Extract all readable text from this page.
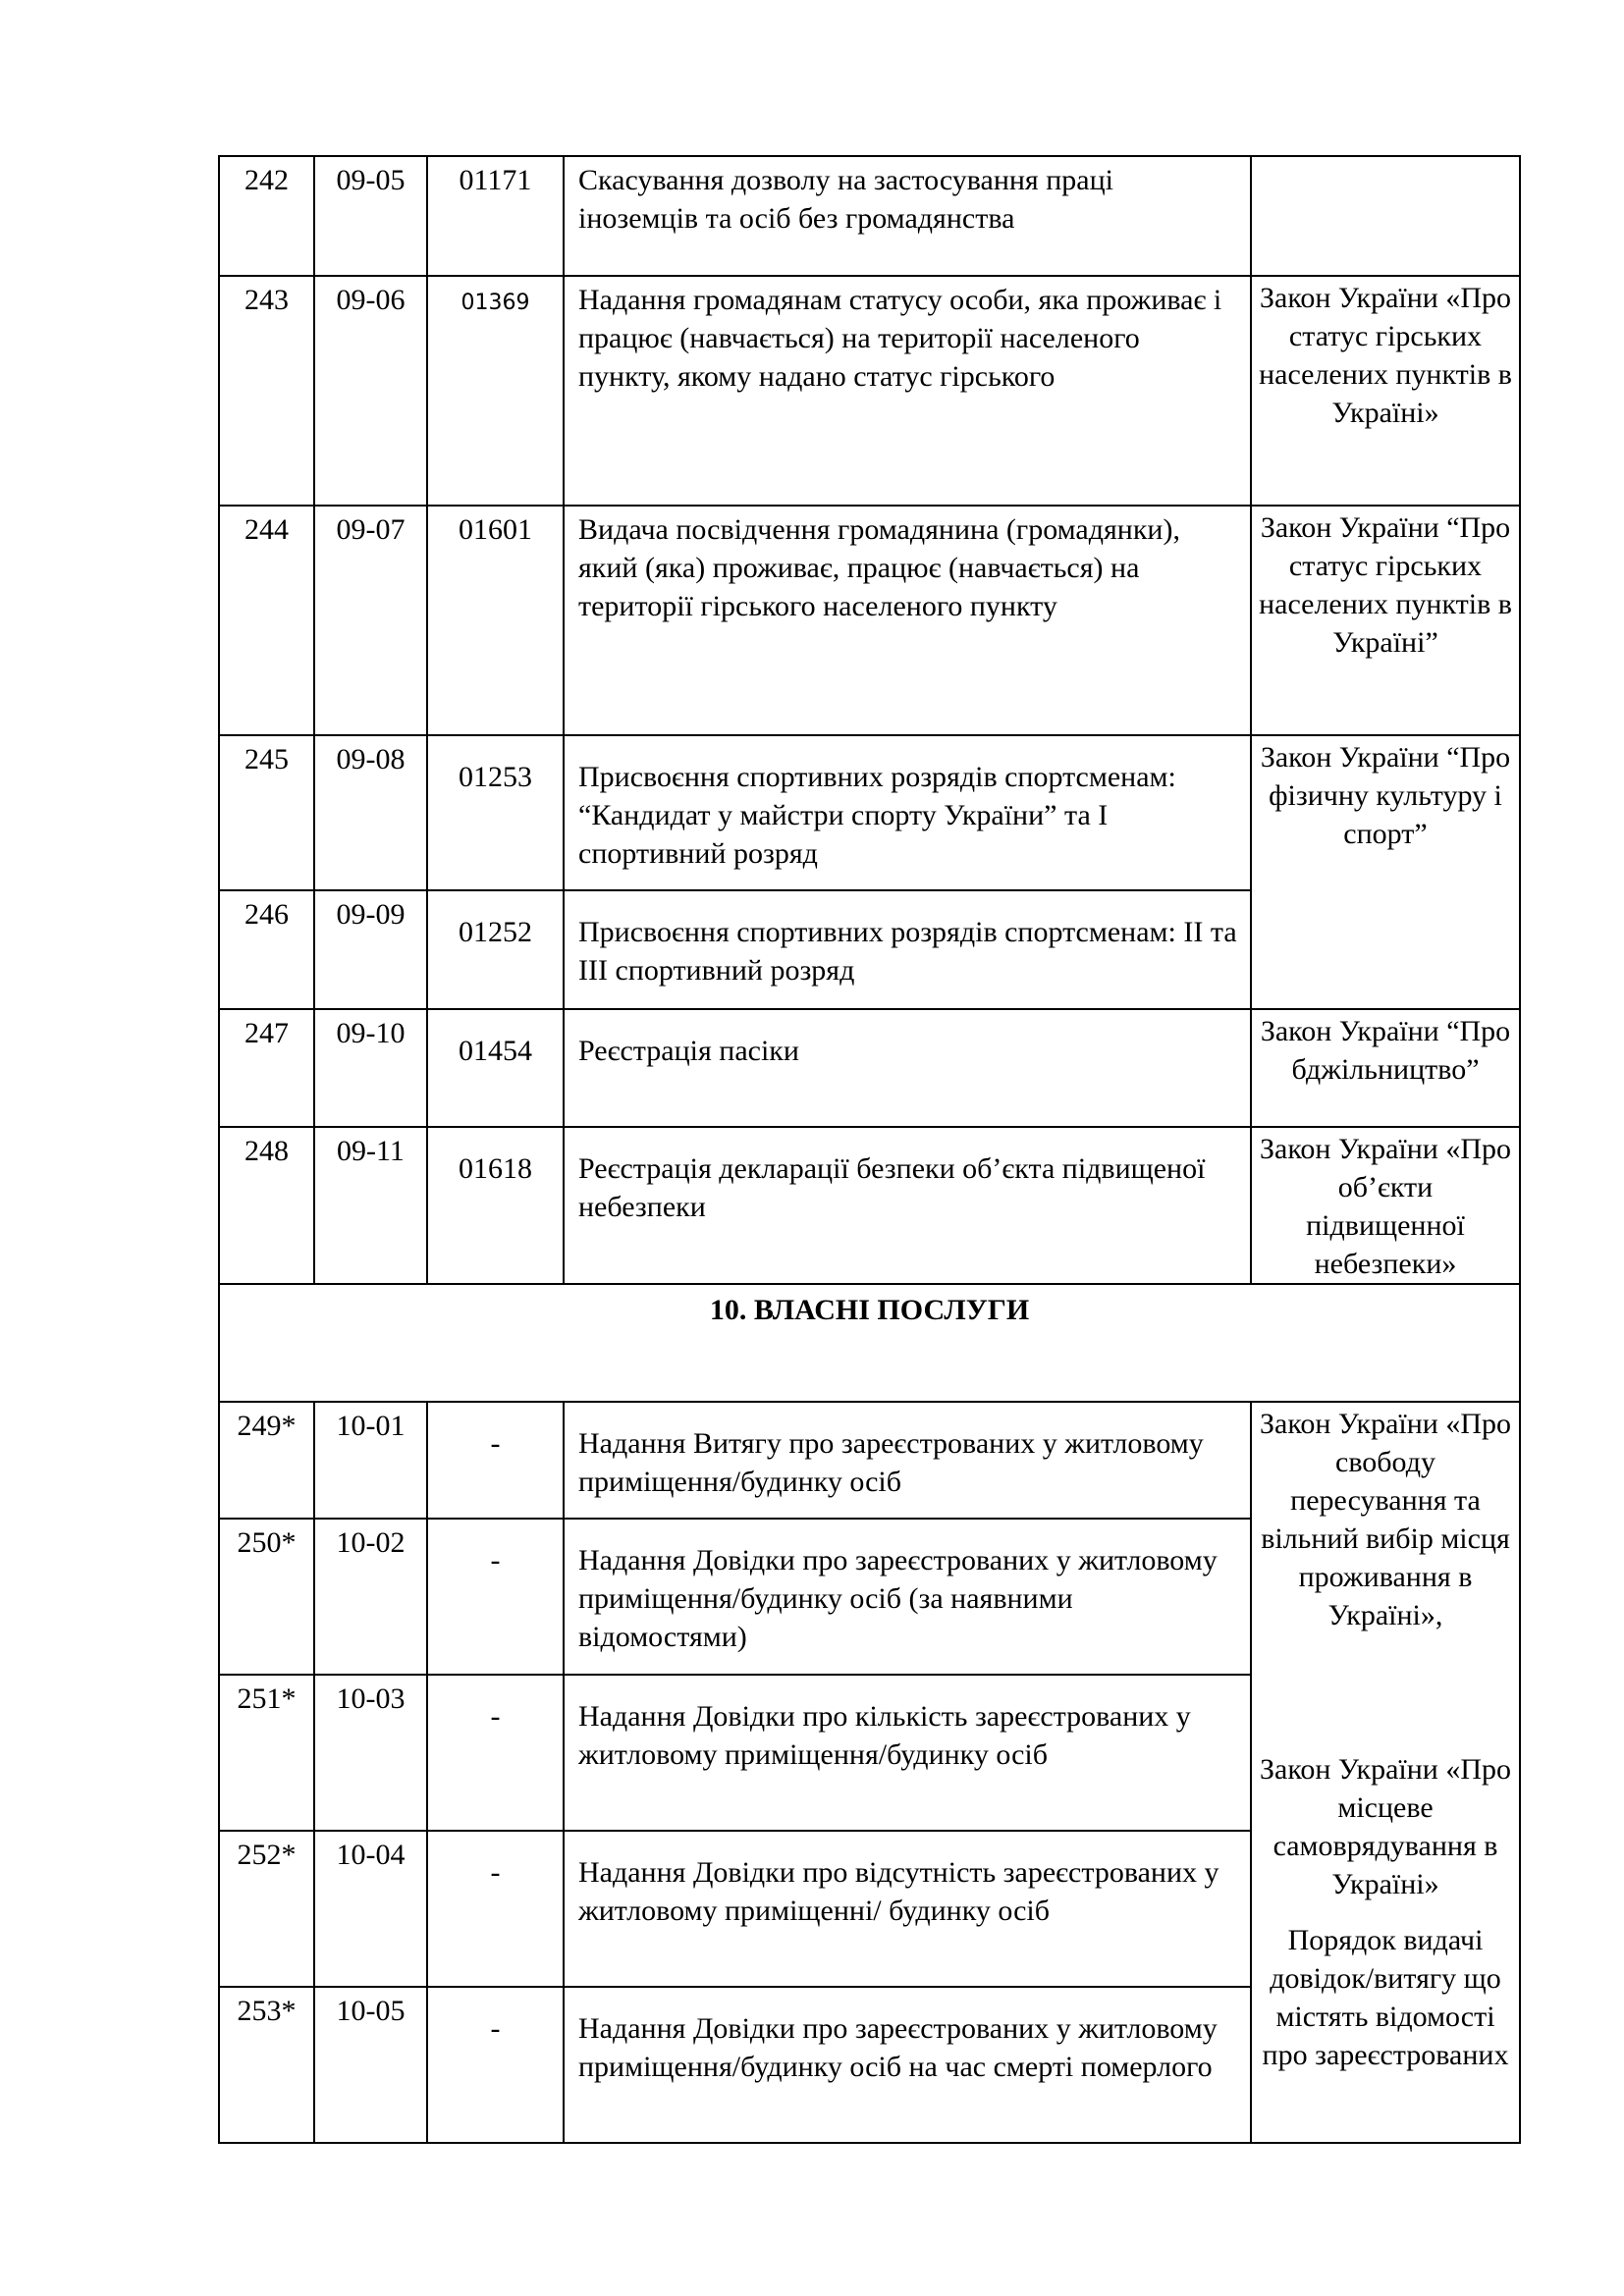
242	09-05	01171	Скасування дозволу на застосування праці іноземців та осіб без громадянства	
243	09-06	01369	Надання громадянам статусу особи, яка проживає і працює (навчається) на території населеного пункту, якому надано статус гірського	Закон України «Про статус гірських населених пунктів в Україні»
244	09-07	01601	Видача посвідчення громадянина (громадянки), який (яка) проживає, працює (навчається) на території гірського населеного пункту	Закон України “Про статус гірських населених пунктів в Україні”
245	09-08	01253	Присвоєння спортивних розрядів спортсменам: “Кандидат у майстри спорту України” та I спортивний розряд	Закон України “Про фізичну культуру і спорт”
246	09-09	01252	Присвоєння спортивних розрядів спортсменам: II та III спортивний розряд	

247	09-10	01454	Реєстрація пасіки	Закон України “Про бджільництво”
248	09-11	01618	Реєстрація декларації безпеки об’єкта підвищеної небезпеки	Закон України «Про об’єкти підвищенної небезпеки»
10. ВЛАСНІ ПОСЛУГИ				
249*	10-01	-	Надання Витягу про зареєстрованих у житловому приміщення/будинку осіб	Закон України «Про свободу пересування та вільний вибір місця проживання в Україні»,
Закон України «Про місцеве самоврядування в Україні»
Порядок видачі довідок/витягу що містять відомості про зареєстрованих

250*	10-02	-	Надання Довідки про зареєстрованих у житловому приміщення/будинку осіб (за наявними відомостями)	

251*	10-03	-	Надання Довідки про кількість зареєстрованих у житловому приміщення/будинку осіб	

252*	10-04	-	Надання Довідки про відсутність зареєстрованих у житловому приміщенні/ будинку осіб	

253*	10-05	-	Надання Довідки про зареєстрованих у житловому приміщення/будинку осіб на час смерті померлого	
